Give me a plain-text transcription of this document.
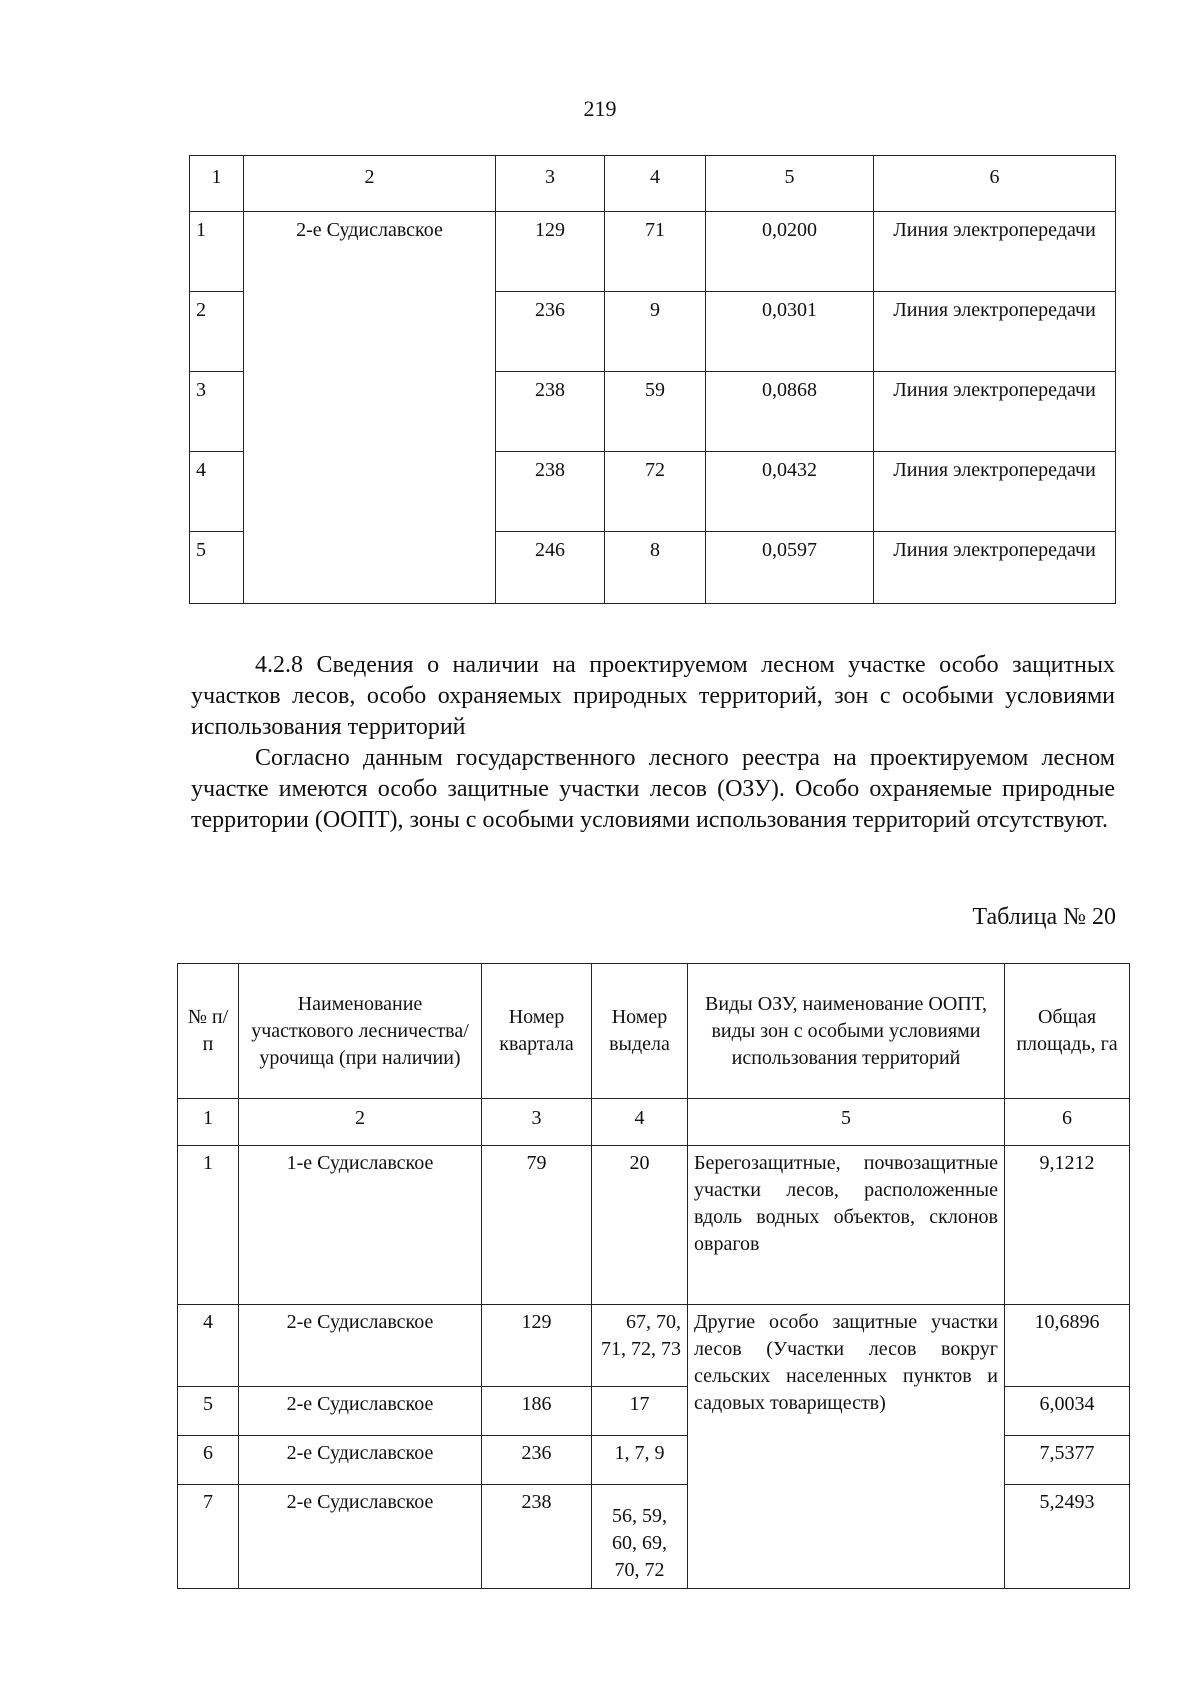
219
1	2	3	4	5	6
1	2-е Судиславское	129	71	0,0200	Линия электропередачи
2		236	9	0,0301	Линия электропередачи
3		238	59	0,0868	Линия электропередачи
4		238	72	0,0432	Линия электропередачи
5		246	8	0,0597	Линия электропередачи

4.2.8 Сведения о наличии на проектируемом лесном участке особо защитных участков лесов, особо охраняемых природных территорий, зон с особыми условиями использования территорий

Согласно данным государственного лесного реестра на проектируемом лесном участке имеются особо защитные участки лесов (ОЗУ). Особо охраняемые природные территории (ООПТ), зоны с особыми условиями использования территорий отсутствуют.

Таблица № 20
№ п/п	Наименование участкового лесничества/урочища (при наличии)	Номер квартала	Номер выдела	Виды ОЗУ, наименование ООПТ, виды зон с особыми условиями использования территорий	Общая площадь, га
1	2	3	4	5	6
1	1-е Судиславское	79	20	Берегозащитные, почвозащитные участки лесов, расположенные вдоль водных объектов, склонов оврагов	9,1212
4	2-е Судиславское	129	67, 70, 71, 72, 73	Другие особо защитные участки лесов (Участки лесов вокруг сельских населенных пунктов и садовых товариществ)	10,6896
5	2-е Судиславское	186	17		6,0034
6	2-е Судиславское	236	1, 7, 9		7,5377
7	2-е Судиславское	238	56, 59, 60, 69, 70, 72		5,2493
